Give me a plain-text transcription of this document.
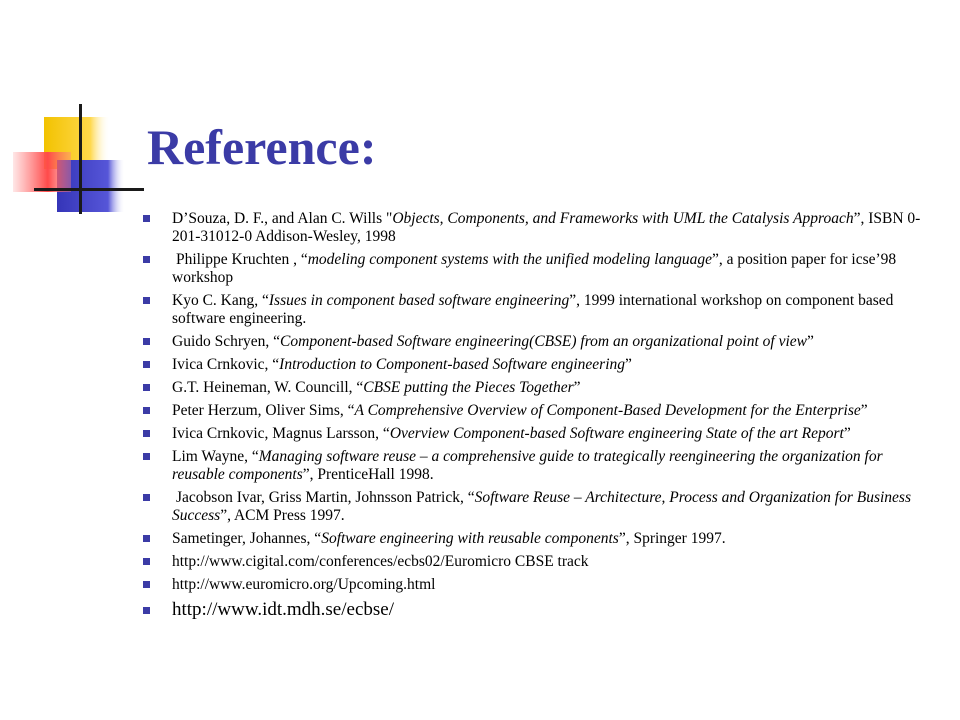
Reference:
D’Souza, D. F., and Alan C. Wills "Objects, Components, and Frameworks with UML the Catalysis Approach”, ISBN 0-201-31012-0 Addison-Wesley, 1998
Philippe Kruchten , “modeling component systems with the unified modeling language”, a position paper for icse’98 workshop
Kyo C. Kang, “Issues in component based software engineering”, 1999 international workshop on component based software engineering.
Guido Schryen, “Component-based Software engineering(CBSE) from an organizational point of view”
Ivica Crnkovic, “Introduction to Component-based Software engineering”
G.T. Heineman, W. Councill, “CBSE putting the Pieces Together”
Peter Herzum, Oliver Sims, “A Comprehensive Overview of Component-Based Development for the Enterprise”
Ivica Crnkovic, Magnus Larsson, “Overview Component-based Software engineering State of the art Report”
Lim Wayne, “Managing software reuse – a comprehensive guide to trategically reengineering the organization for reusable components”, PrenticeHall 1998.
Jacobson Ivar, Griss Martin, Johnsson Patrick, “Software Reuse – Architecture, Process and Organization for Business Success”, ACM Press 1997.
Sametinger, Johannes, “Software engineering with reusable components”, Springer 1997.
http://www.cigital.com/conferences/ecbs02/Euromicro CBSE track
http://www.euromicro.org/Upcoming.html
http://www.idt.mdh.se/ecbse/
